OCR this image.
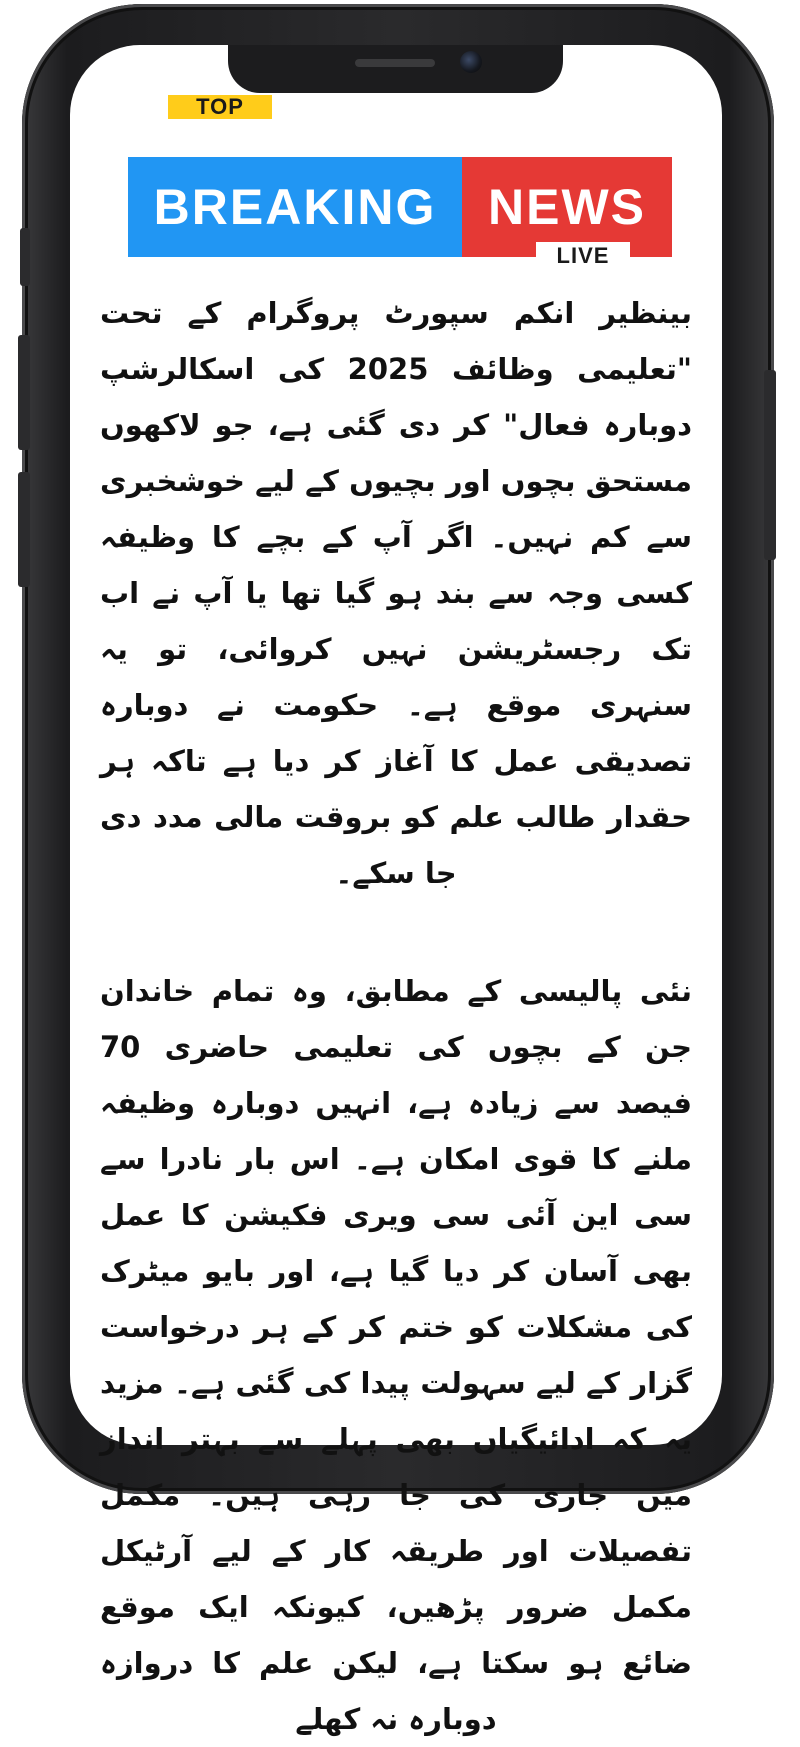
BREAKING	NEWS
TOP
LIVE

بینظیر انکم سپورٹ پروگرام کے تحت "تعلیمی وظائف 2025 کی اسکالرشپ دوبارہ فعال" کر دی گئی ہے، جو لاکھوں مستحق بچوں اور بچیوں کے لیے خوشخبری سے کم نہیں۔ اگر آپ کے بچے کا وظیفہ کسی وجہ سے بند ہو گیا تھا یا آپ نے اب تک رجسٹریشن نہیں کروائی، تو یہ سنہری موقع ہے۔ حکومت نے دوبارہ تصدیقی عمل کا آغاز کر دیا ہے تاکہ ہر حقدار طالب علم کو بروقت مالی مدد دی جا سکے۔

نئی پالیسی کے مطابق، وہ تمام خاندان جن کے بچوں کی تعلیمی حاضری 70 فیصد سے زیادہ ہے، انہیں دوبارہ وظیفہ ملنے کا قوی امکان ہے۔ اس بار نادرا سے سی این آئی سی ویری فکیشن کا عمل بھی آسان کر دیا گیا ہے، اور بایو میٹرک کی مشکلات کو ختم کر کے ہر درخواست گزار کے لیے سہولت پیدا کی گئی ہے۔ مزید یہ کہ ادائیگیاں بھی پہلے سے بہتر انداز میں جاری کی جا رہی ہیں۔ مکمل تفصیلات اور طریقہ کار کے لیے آرٹیکل مکمل ضرور پڑھیں، کیونکہ ایک موقع ضائع ہو سکتا ہے، لیکن علم کا دروازہ دوبارہ نہ کھلے
